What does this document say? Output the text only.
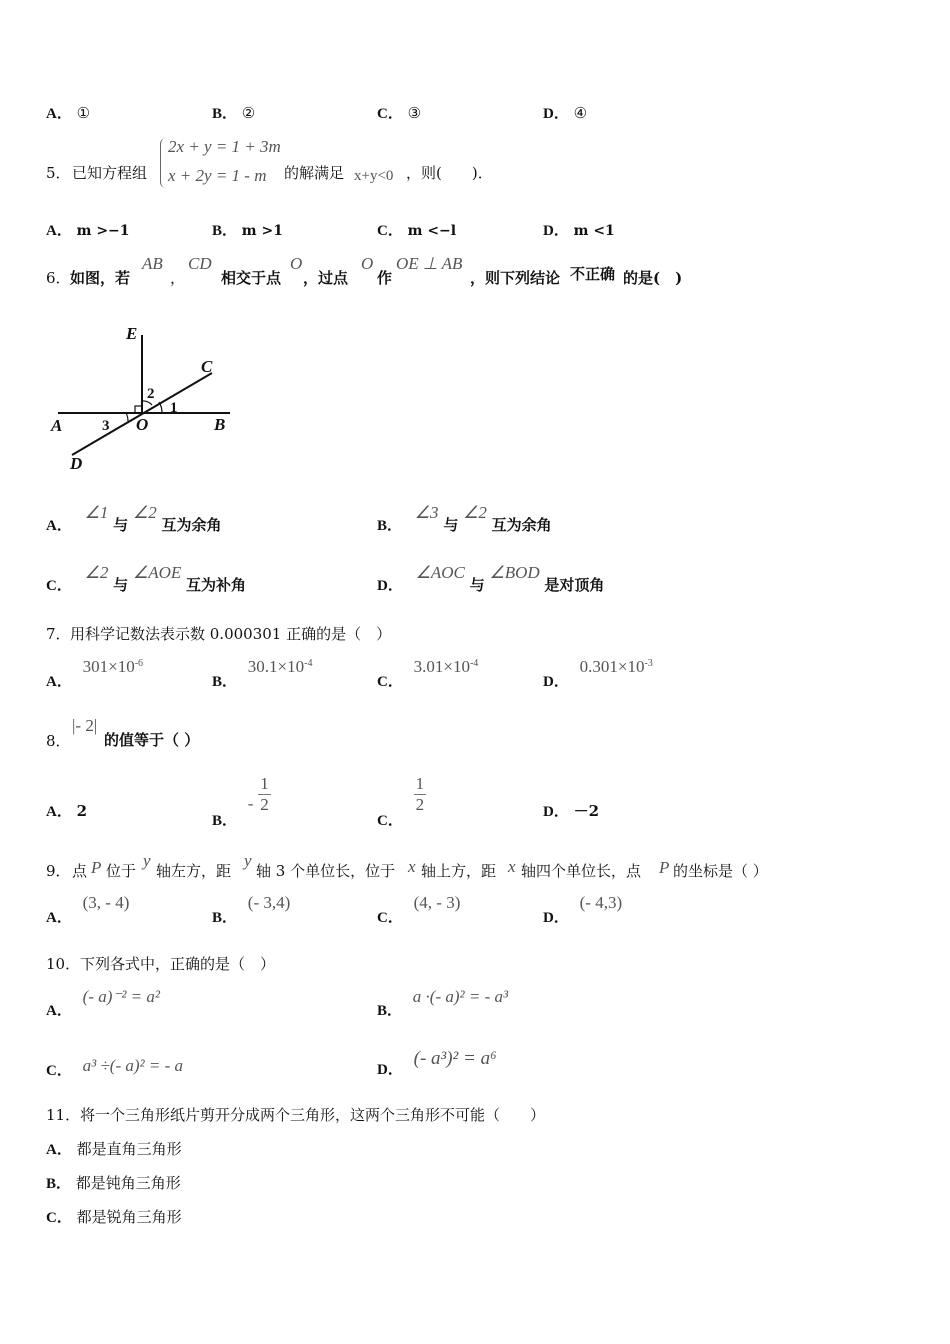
A． ①	B． ②	C． ③	D． ④
5． 已知方程组
2x + y = 1 + 3m
x + 2y = 1 - m 的解满足 x+y<0 ，则(　　)．
A． m >−1	B． m >1	C． m <−l	D． m <1
6． 如图，若
AB
，
CD
相交于点
O
，过点
O
作
OE ⊥ AB
，则下列结论 不正确 的是(　)
E
C
A	B
O
D
1
2
3
A． ∠1 与 ∠2 互为余角	B． ∠3 与 ∠2 互为余角
C． ∠2 与 ∠AOE 互为补角	D． ∠AOC 与 ∠BOD 是对顶角
7． 用科学记数法表示数 0.000301 正确的是（　）
A． $301\times 10^{-6}$
B． $30.1\times 10^{-4}$
C． $3.01\times 10^{-4}$
D． $0.301\times 10^{-3}$
8．
|- 2|
的值等于（ ）
A． 2
B． - $\frac{1}{2}$
C．
$\frac{1}{2}$	D． －2
9． 点 P 位于
y
轴左方，距
y
轴 3 个单位长，位于 x 轴上方，距 x 轴四个单位长，点 P 的坐标是（ ）
A． (3, - 4)
B． (- 3,4)
C． (4, - 3)
D． (- 4,3)
10． 下列各式中，正确的是（　）
A． (- a)⁻² = a²
B． a ·(- a)² = - a³
C． a³ ÷(- a)² = - a	D． (- a³)² = a⁶
11． 将一个三角形纸片剪开分成两个三角形，这两个三角形不可能（　　）
A． 都是直角三角形
B． 都是钝角三角形
C． 都是锐角三角形
